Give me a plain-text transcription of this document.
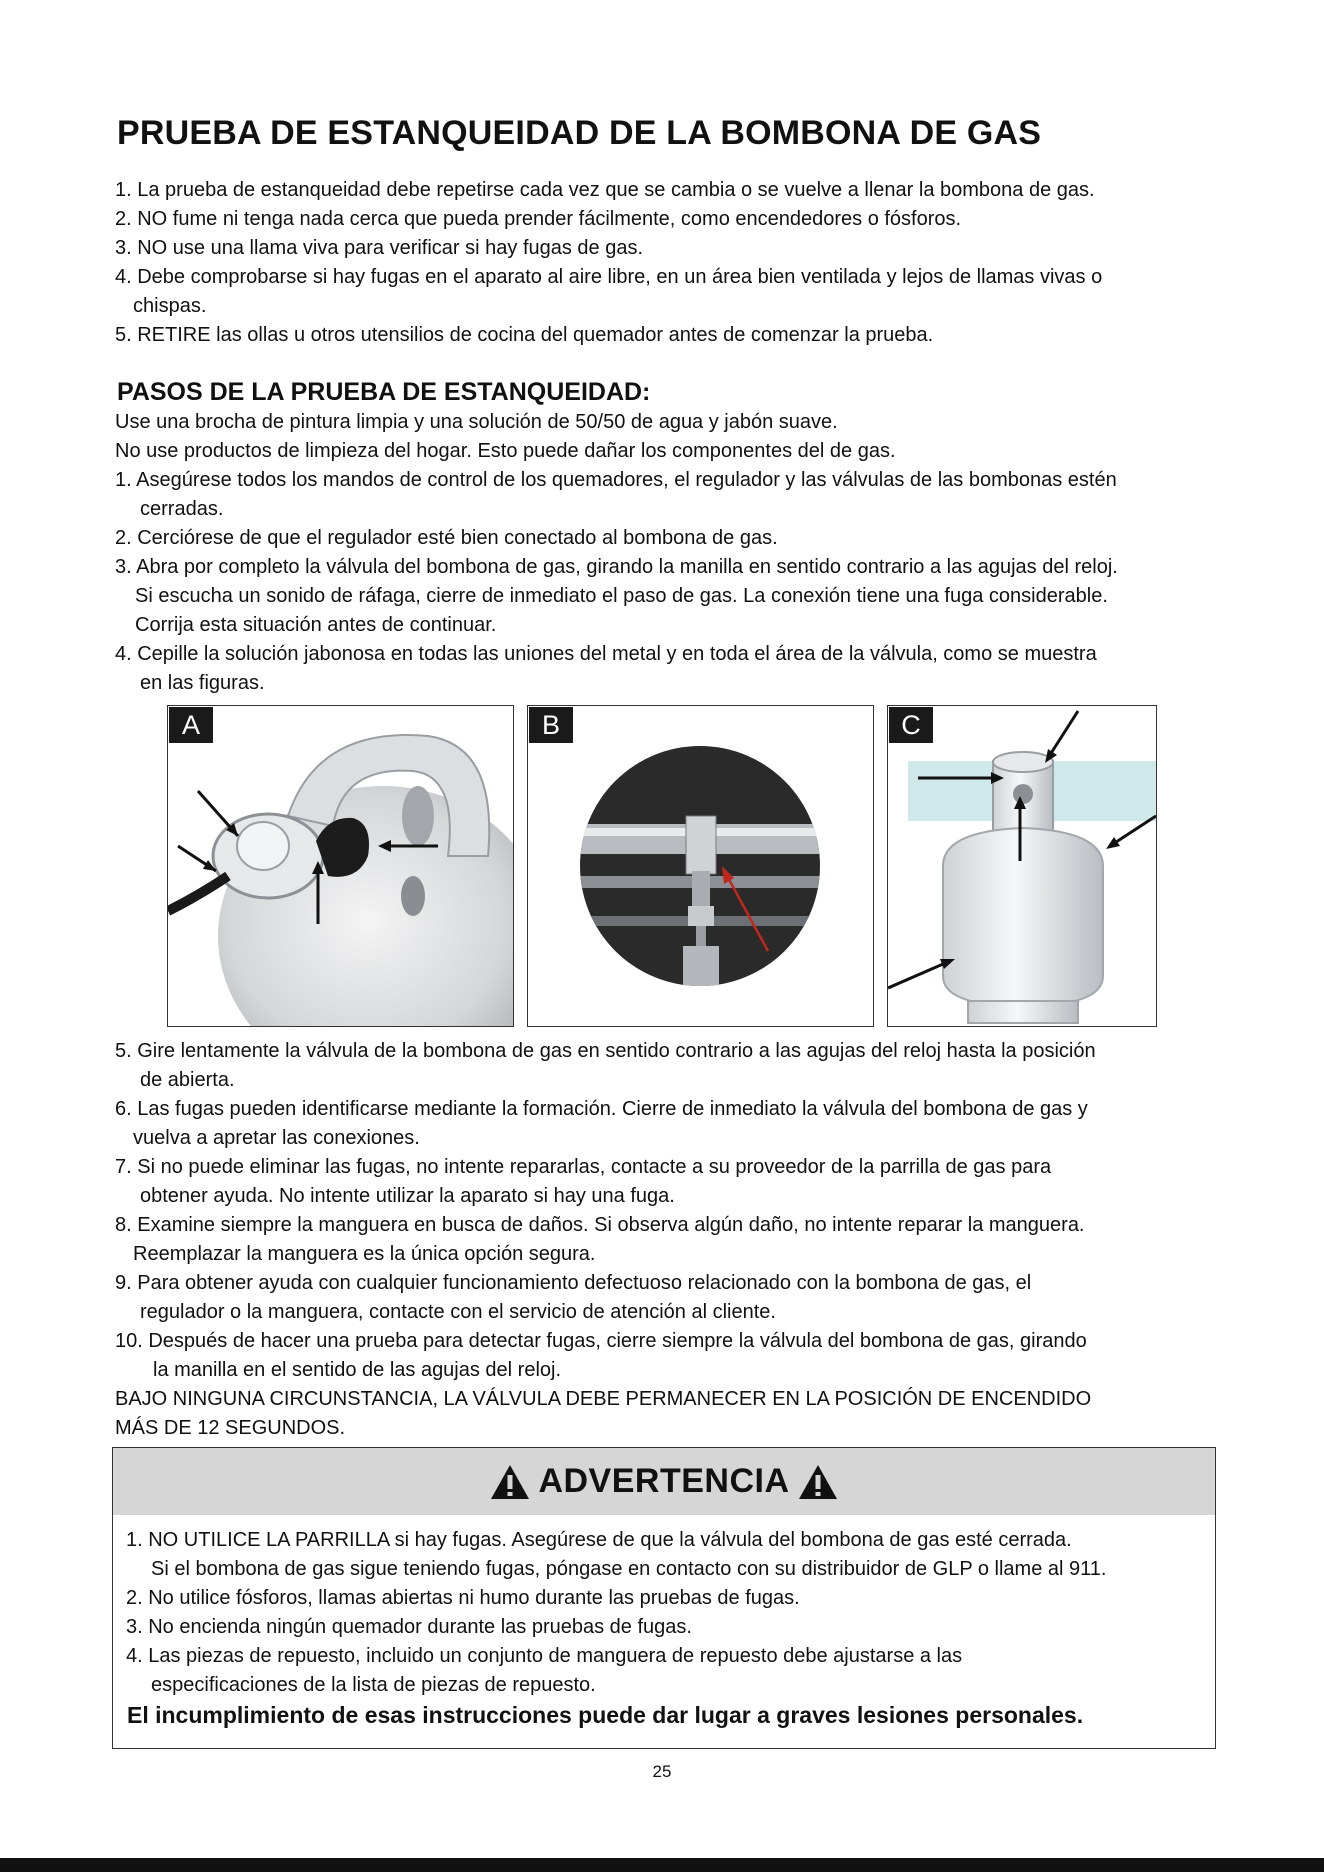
PRUEBA DE ESTANQUEIDAD DE LA BOMBONA DE GAS
1. La prueba de estanqueidad debe repetirse cada vez que se cambia o se vuelve a llenar la bombona de gas.
2. NO fume ni tenga nada cerca que pueda prender fácilmente, como encendedores o fósforos.
3. NO use una llama viva para verificar si hay fugas de gas.
4. Debe comprobarse si hay fugas en el aparato al aire libre, en un área bien ventilada y lejos de llamas vivas o
chispas.
5. RETIRE las ollas u otros utensilios de cocina del quemador antes de comenzar la prueba.
PASOS DE LA PRUEBA DE ESTANQUEIDAD:
Use una brocha de pintura limpia y una solución de 50/50 de agua y jabón suave.
No use productos de limpieza del hogar. Esto puede dañar los componentes del de gas.
1. Asegúrese todos los mandos de control de los quemadores, el regulador y las válvulas de las bombonas estén
cerradas.
2. Cerciórese de que el regulador esté bien conectado al bombona de gas.
3. Abra por completo la válvula del bombona de gas, girando la manilla en sentido contrario a las agujas del reloj.
Si escucha un sonido de ráfaga, cierre de inmediato el paso de gas. La conexión tiene una fuga considerable.
Corrija esta situación antes de continuar.
4. Cepille la solución jabonosa en todas las uniones del metal y en toda el área de la válvula, como se muestra
en las figuras.
A	B	C
5. Gire lentamente la válvula de la bombona de gas en sentido contrario a las agujas del reloj hasta la posición
de abierta.
6. Las fugas pueden identificarse mediante la formación. Cierre de inmediato la válvula del bombona de gas y
vuelva a apretar las conexiones.
7. Si no puede eliminar las fugas, no intente repararlas, contacte a su proveedor de la parrilla de gas para
obtener ayuda. No intente utilizar la aparato si hay una fuga.
8. Examine siempre la manguera en busca de daños. Si observa algún daño, no intente reparar la manguera.
Reemplazar la manguera es la única opción segura.
9. Para obtener ayuda con cualquier funcionamiento defectuoso relacionado con la bombona de gas, el
regulador o la manguera, contacte con el servicio de atención al cliente.
10. Después de hacer una prueba para detectar fugas, cierre siempre la válvula del bombona de gas, girando
la manilla en el sentido de las agujas del reloj.
BAJO NINGUNA CIRCUNSTANCIA, LA VÁLVULA DEBE PERMANECER EN LA POSICIÓN DE ENCENDIDO
MÁS DE 12 SEGUNDOS.
ADVERTENCIA
1. NO UTILICE LA PARRILLA si hay fugas. Asegúrese de que la válvula del bombona de gas esté cerrada.
Si el bombona de gas sigue teniendo fugas, póngase en contacto con su distribuidor de GLP o llame al 911.
2. No utilice fósforos, llamas abiertas ni humo durante las pruebas de fugas.
3. No encienda ningún quemador durante las pruebas de fugas.
4. Las piezas de repuesto, incluido un conjunto de manguera de repuesto debe ajustarse a las
especificaciones de la lista de piezas de repuesto.
El incumplimiento de esas instrucciones puede dar lugar a graves lesiones personales.
25
